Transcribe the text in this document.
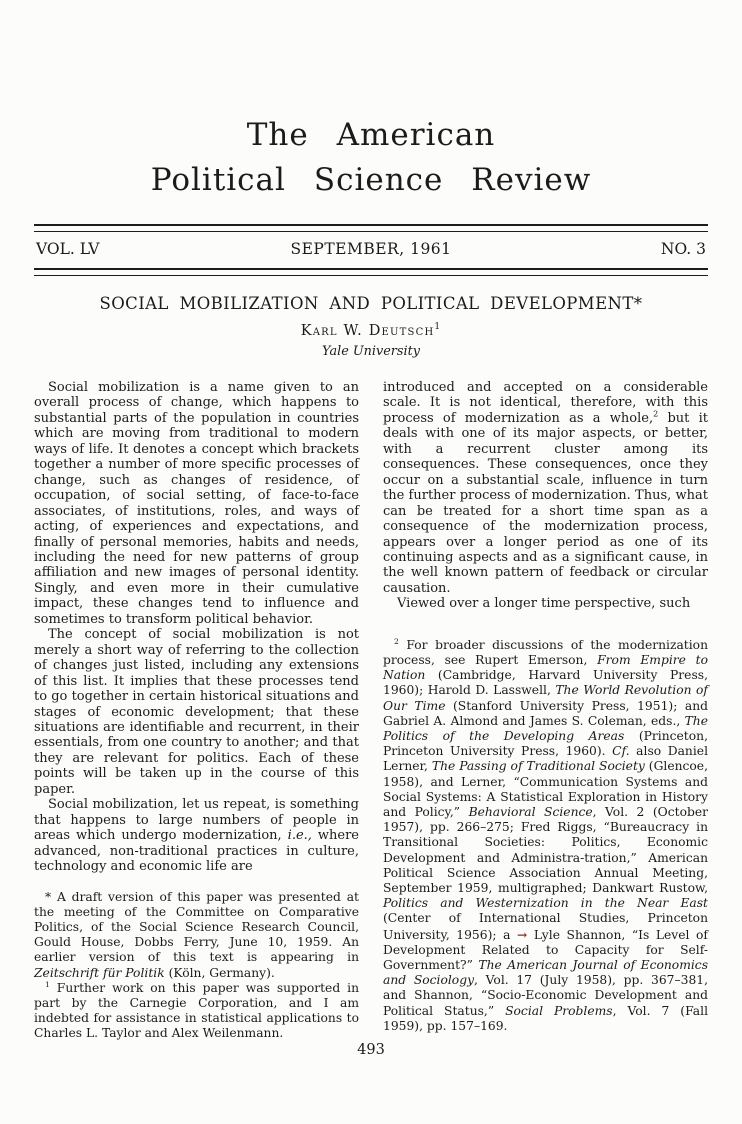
The American
Political Science Review
VOL. LV	SEPTEMBER, 1961	NO. 3
SOCIAL MOBILIZATION AND POLITICAL DEVELOPMENT*
Karl W. Deutsch$^1$
Yale University

Social mobilization is a name given to an overall process of change, which happens to substantial parts of the population in countries which are moving from traditional to modern ways of life. It denotes a concept which brackets together a number of more specific processes of change, such as changes of residence, of occupation, of social setting, of face-to-face associates, of institutions, roles, and ways of acting, of experiences and expectations, and finally of personal memories, habits and needs, including the need for new patterns of group affiliation and new images of personal identity. Singly, and even more in their cumulative impact, these changes tend to influence and sometimes to transform political behavior.

The concept of social mobilization is not merely a short way of referring to the collection of changes just listed, including any extensions of this list. It implies that these processes tend to go together in certain historical situations and stages of economic development; that these situations are identifiable and recurrent, in their essentials, from one country to another; and that they are relevant for politics. Each of these points will be taken up in the course of this paper.

Social mobilization, let us repeat, is something that happens to large numbers of people in areas which undergo modernization, i.e., where advanced, non-traditional practices in culture, technology and economic life are

* A draft version of this paper was presented at the meeting of the Committee on Comparative Politics, of the Social Science Research Council, Gould House, Dobbs Ferry, June 10, 1959. An earlier version of this text is appearing in Zeitschrift für Politik (Köln, Germany).

$^1$ Further work on this paper was supported in part by the Carnegie Corporation, and I am indebted for assistance in statistical applications to Charles L. Taylor and Alex Weilenmann.

introduced and accepted on a considerable scale. It is not identical, therefore, with this process of modernization as a whole,$^2$ but it deals with one of its major aspects, or better, with a recurrent cluster among its consequences. These consequences, once they occur on a substantial scale, influence in turn the further process of modernization. Thus, what can be treated for a short time span as a consequence of the modernization process, appears over a longer period as one of its continuing aspects and as a significant cause, in the well known pattern of feedback or circular causation.

Viewed over a longer time perspective, such

$^2$ For broader discussions of the modernization process, see Rupert Emerson, From Empire to Nation (Cambridge, Harvard University Press, 1960); Harold D. Lasswell, The World Revolution of Our Time (Stanford University Press, 1951); and Gabriel A. Almond and James S. Coleman, eds., The Politics of the Developing Areas (Princeton, Princeton University Press, 1960). Cf. also Daniel Lerner, The Passing of Traditional Society (Glencoe, 1958), and Lerner, “Communication Systems and Social Systems: A Statistical Exploration in History and Policy,” Behavioral Science, Vol. 2 (October 1957), pp. 266–275; Fred Riggs, “Bureaucracy in Transitional Societies: Politics, Economic Development and Administra-tration,” American Political Science Association Annual Meeting, September 1959, multigraphed; Dankwart Rustow, Politics and Westernization in the Near East (Center of International Studies, Princeton University, 1956); a → Lyle Shannon, “Is Level of Development Related to Capacity for Self-Government?” The American Journal of Economics and Sociology, Vol. 17 (July 1958), pp. 367–381, and Shannon, “Socio-Economic Development and Political Status,” Social Problems, Vol. 7 (Fall 1959), pp. 157–169.

493
